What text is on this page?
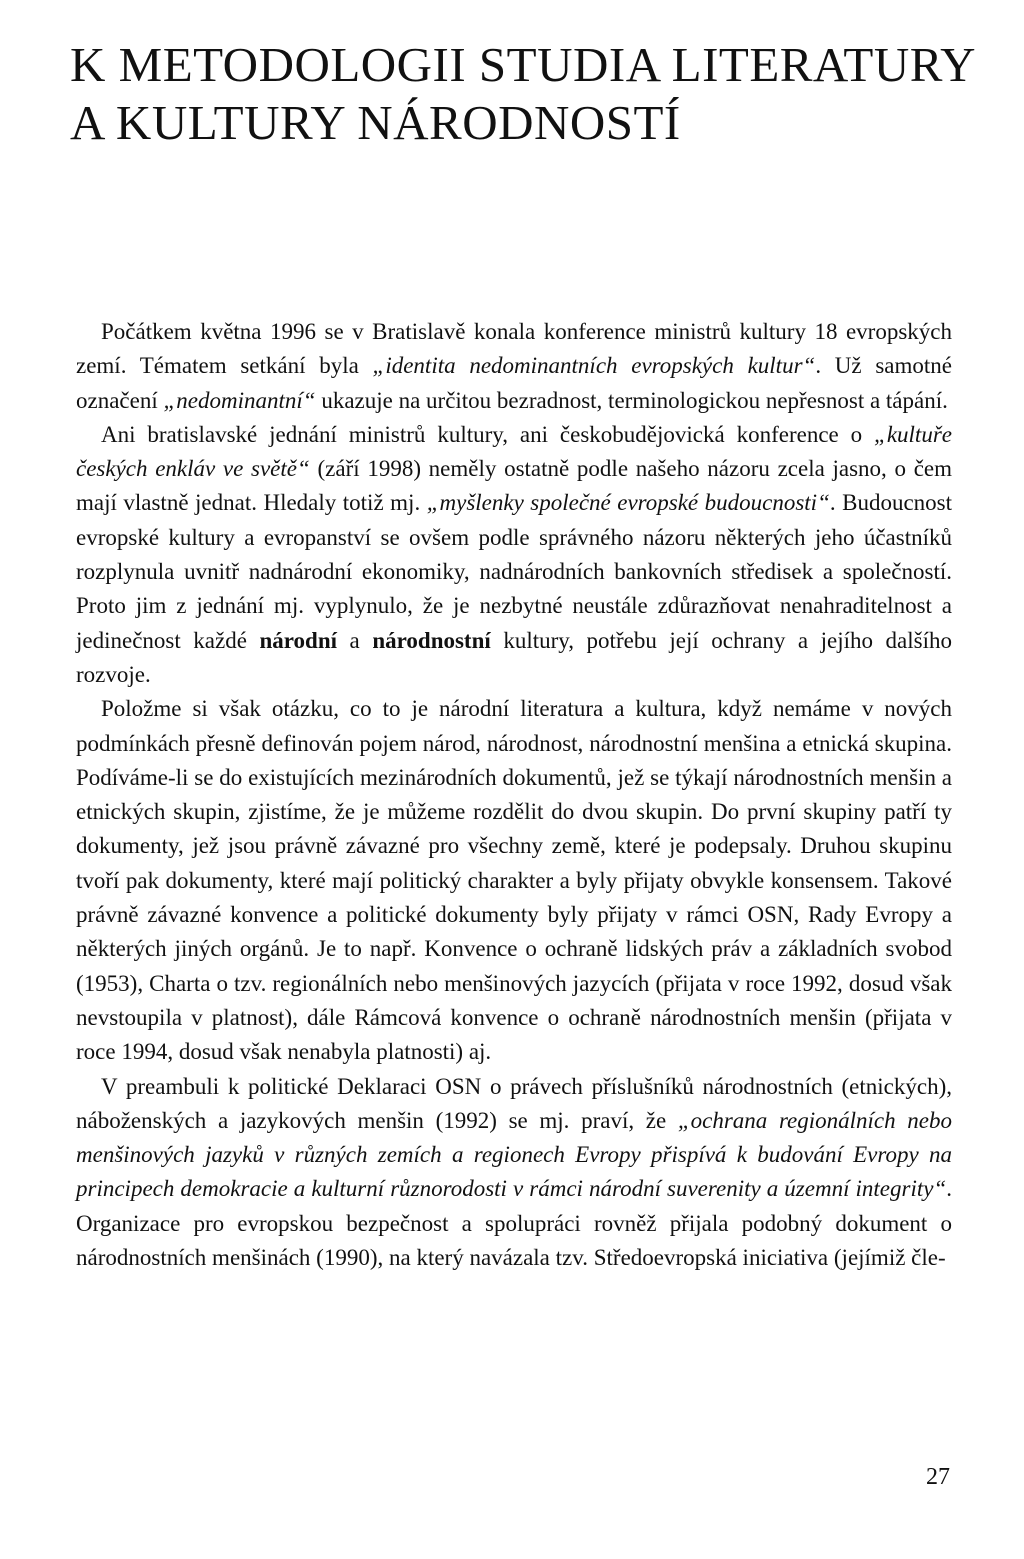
K METODOLOGII STUDIA LITERATURY
A KULTURY NÁRODNOSTÍ

Počátkem května 1996 se v Bratislavě konala konference ministrů kultury 18 evropských zemí. Tématem setkání byla „identita nedominantních evropských kultur“. Už samotné označení „nedominantní“ ukazuje na určitou bezradnost, terminologickou nepřesnost a tápání.

Ani bratislavské jednání ministrů kultury, ani českobudějovická konference o „kultuře českých enkláv ve světě“ (září 1998) neměly ostatně podle našeho názoru zcela jasno, o čem mají vlastně jednat. Hledaly totiž mj. „myšlenky společné evropské budoucnosti“. Budoucnost evropské kultury a evropanství se ovšem podle správného názoru některých jeho účastníků rozplynula uvnitř nadnárodní ekonomiky, nadnárodních bankovních středisek a společností. Proto jim z jednání mj. vyplynulo, že je nezbytné neustále zdůrazňovat nenahraditelnost a jedinečnost každé národní a národnostní kultury, potřebu její ochrany a jejího dalšího rozvoje.

Položme si však otázku, co to je národní literatura a kultura, když nemáme v nových podmínkách přesně definován pojem národ, národnost, národnostní menšina a etnická skupina. Podíváme-li se do existujících mezinárodních dokumentů, jež se týkají národnostních menšin a etnických skupin, zjistíme, že je můžeme rozdělit do dvou skupin. Do první skupiny patří ty dokumenty, jež jsou právně závazné pro všechny země, které je podepsaly. Druhou skupinu tvoří pak dokumenty, které mají politický charakter a byly přijaty obvykle konsensem. Takové právně závazné konvence a politické dokumenty byly přijaty v rámci OSN, Rady Evropy a některých jiných orgánů. Je to např. Konvence o ochraně lidských práv a základních svobod (1953), Charta o tzv. regionálních nebo menšinových jazycích (přijata v roce 1992, dosud však nevstoupila v platnost), dále Rámcová konvence o ochraně národnostních menšin (přijata v roce 1994, dosud však nenabyla platnosti) aj.

V preambuli k politické Deklaraci OSN o právech příslušníků národnostních (etnických), náboženských a jazykových menšin (1992) se mj. praví, že „ochrana regionálních nebo menšinových jazyků v různých zemích a regionech Evropy přispívá k budování Evropy na principech demokracie a kulturní různorodosti v rámci národní suverenity a územní integrity“. Organizace pro evropskou bezpečnost a spolupráci rovněž přijala podobný dokument o národnostních menšinách (1990), na který navázala tzv. Středoevropská iniciativa (jejímiž čle-

27
